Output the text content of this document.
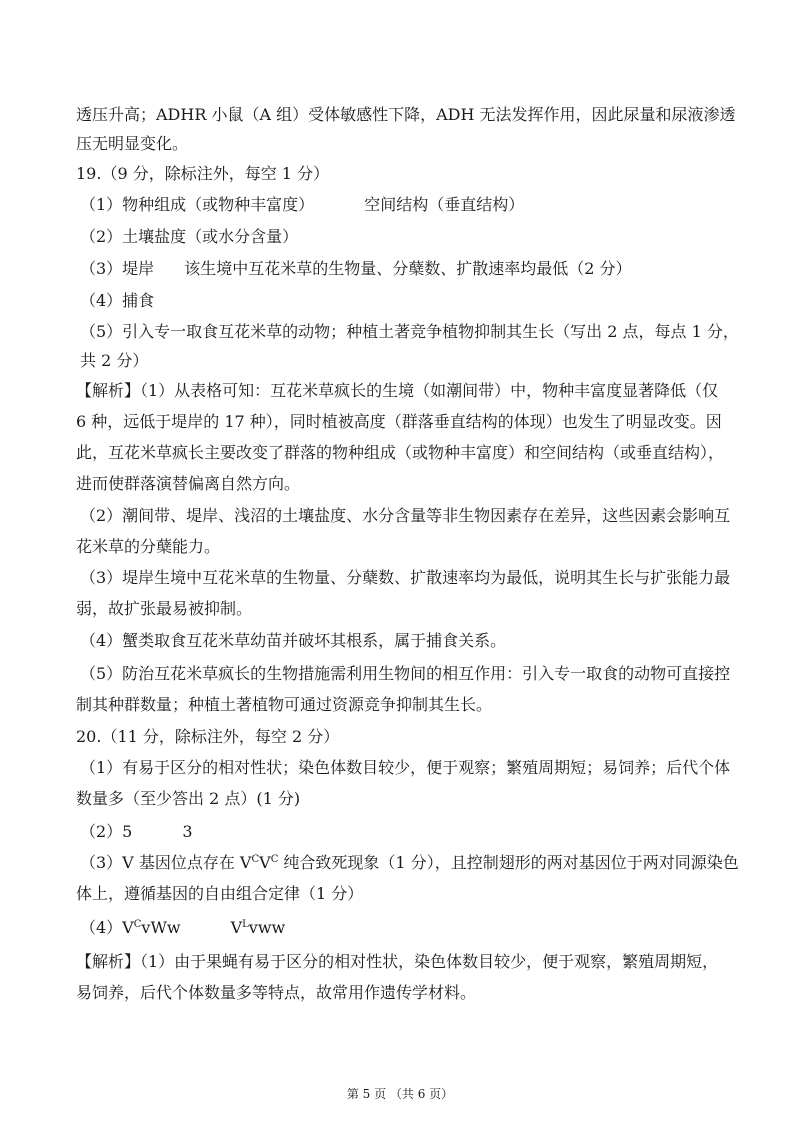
透压升高；ADHR 小鼠（A 组）受体敏感性下降，ADH 无法发挥作用，因此尿量和尿液渗透
压无明显变化。
19.（9 分，除标注外，每空 1 分）
（1）物种组成（或物种丰富度）	空间结构（垂直结构）
（2）土壤盐度（或水分含量）
（3）堤岸 该生境中互花米草的生物量、分蘖数、扩散速率均最低（2 分）
（4）捕食
（5）引入专一取食互花米草的动物；种植土著竞争植物抑制其生长（写出 2 点，每点 1 分，
共 2 分）
【解析】（1）从表格可知：互花米草疯长的生境（如潮间带）中，物种丰富度显著降低（仅
6 种，远低于堤岸的 17 种），同时植被高度（群落垂直结构的体现）也发生了明显改变。因
此，互花米草疯长主要改变了群落的物种组成（或物种丰富度）和空间结构（或垂直结构），
进而使群落演替偏离自然方向。
（2）潮间带、堤岸、浅沼的土壤盐度、水分含量等非生物因素存在差异，这些因素会影响互
花米草的分蘖能力。
（3）堤岸生境中互花米草的生物量、分蘖数、扩散速率均为最低，说明其生长与扩张能力最
弱，故扩张最易被抑制。
（4）蟹类取食互花米草幼苗并破坏其根系，属于捕食关系。
（5）防治互花米草疯长的生物措施需利用生物间的相互作用：引入专一取食的动物可直接控
制其种群数量；种植土著植物可通过资源竞争抑制其生长。
20.（11 分，除标注外，每空 2 分）
（1）有易于区分的相对性状；染色体数目较少，便于观察；繁殖周期短；易饲养；后代个体
数量多（至少答出 2 点）(1 分)
（2）5	3
（3）V 基因位点存在 $V^CV^C$ 纯合致死现象（1 分），且控制翅形的两对基因位于两对同源染色
体上，遵循基因的自由组合定律（1 分）
$(4)V^CvWw$	$V^Lvww$
【解析】（1）由于果蝇有易于区分的相对性状，染色体数目较少，便于观察，繁殖周期短，
易饲养，后代个体数量多等特点，故常用作遗传学材料。
第 5 页 （共 6 页）
